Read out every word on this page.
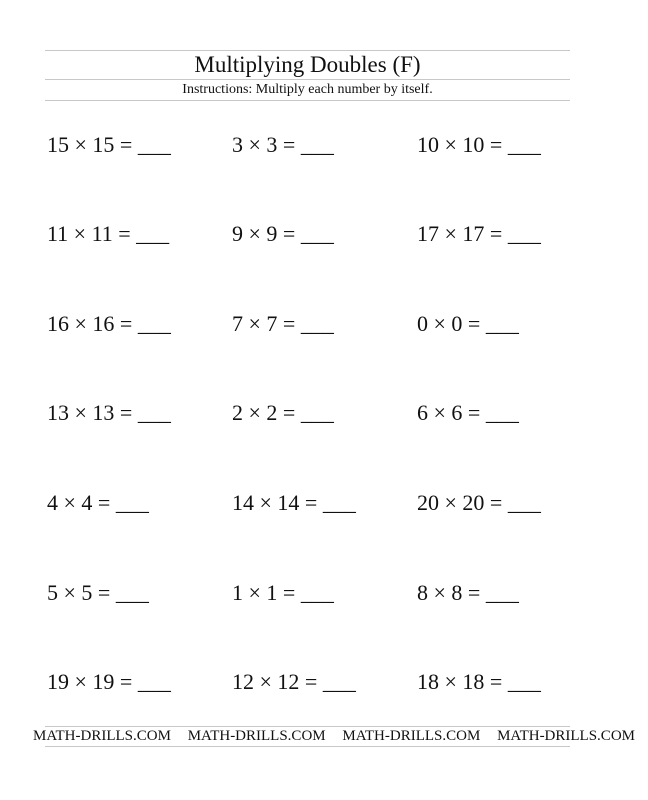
Multiplying Doubles (F)
Instructions: Multiply each number by itself.
15 × 15 = ___	3 × 3 = ___	10 × 10 = ___
11 × 11 = ___	9 × 9 = ___	17 × 17 = ___
16 × 16 = ___	7 × 7 = ___	0 × 0 = ___
13 × 13 = ___	2 × 2 = ___	6 × 6 = ___
4 × 4 = ___	14 × 14 = ___	20 × 20 = ___
5 × 5 = ___	1 × 1 = ___	8 × 8 = ___
19 × 19 = ___	12 × 12 = ___	18 × 18 = ___
MATH-DRILLS.COM MATH-DRILLS.COM MATH-DRILLS.COM MATH-DRILLS.COM
